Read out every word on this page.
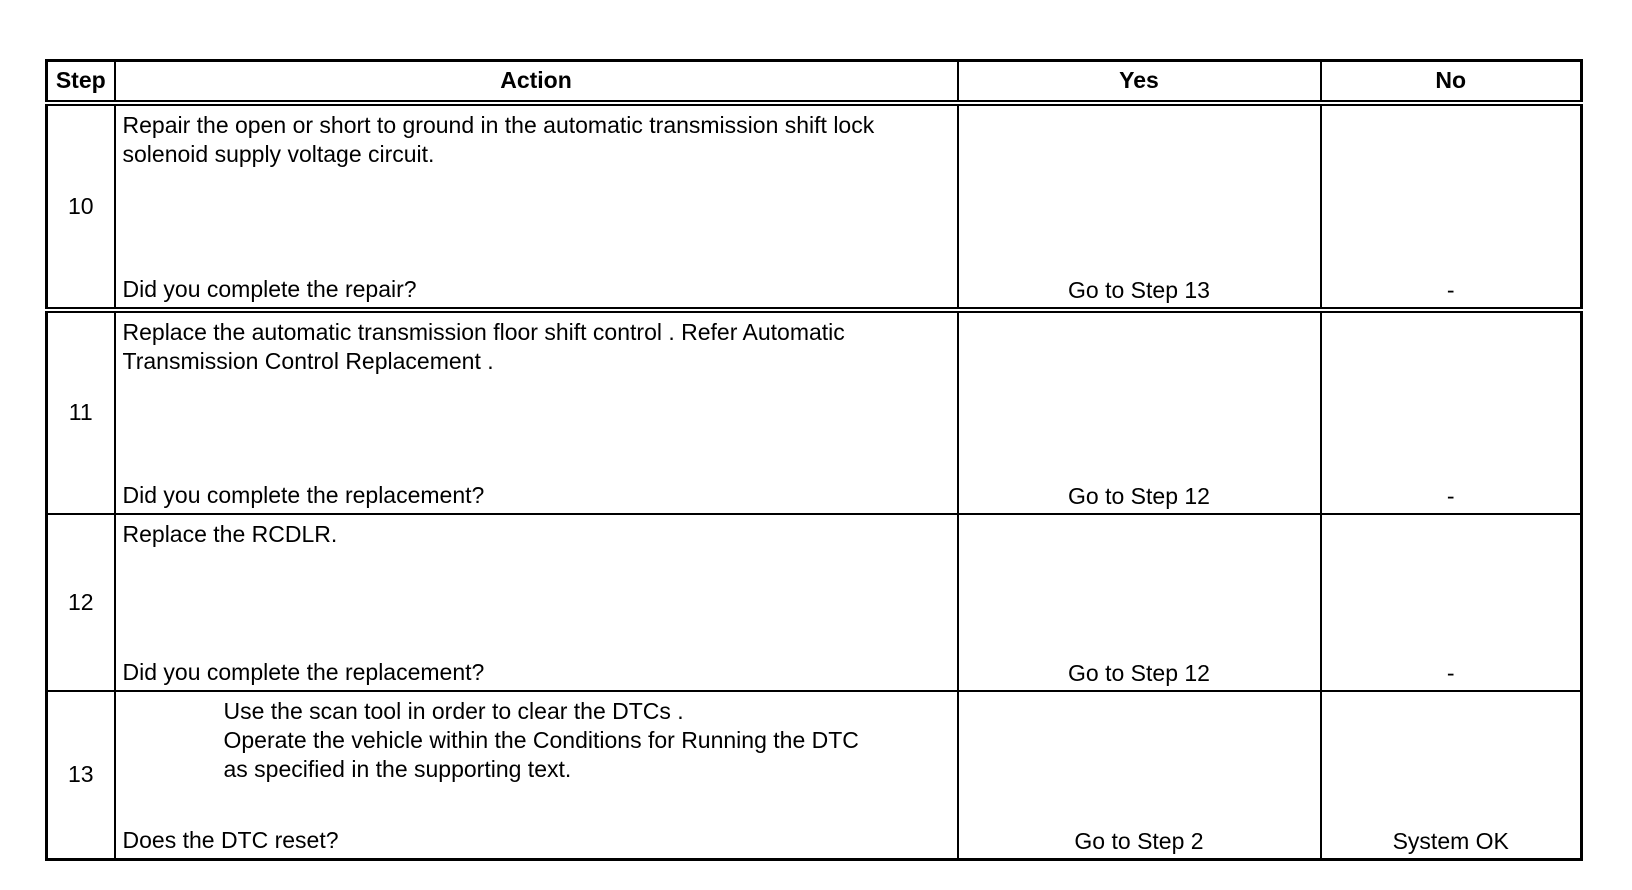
Step	Action	Yes	No
10	Repair the open or short to ground in the automatic transmission shift lock

solenoid supply voltage circuit.

Did you complete the repair?	Go to Step 13	-
11	Replace the automatic transmission floor shift control . Refer Automatic

Transmission Control Replacement .

Did you complete the replacement?	Go to Step 12	-
12	Replace the RCDLR.

Did you complete the replacement?	Go to Step 12	-
13	Use the scan tool in order to clear the DTCs .

Operate the vehicle within the Conditions for Running the DTC

as specified in the supporting text.

Does the DTC reset?	Go to Step 2	System OK
